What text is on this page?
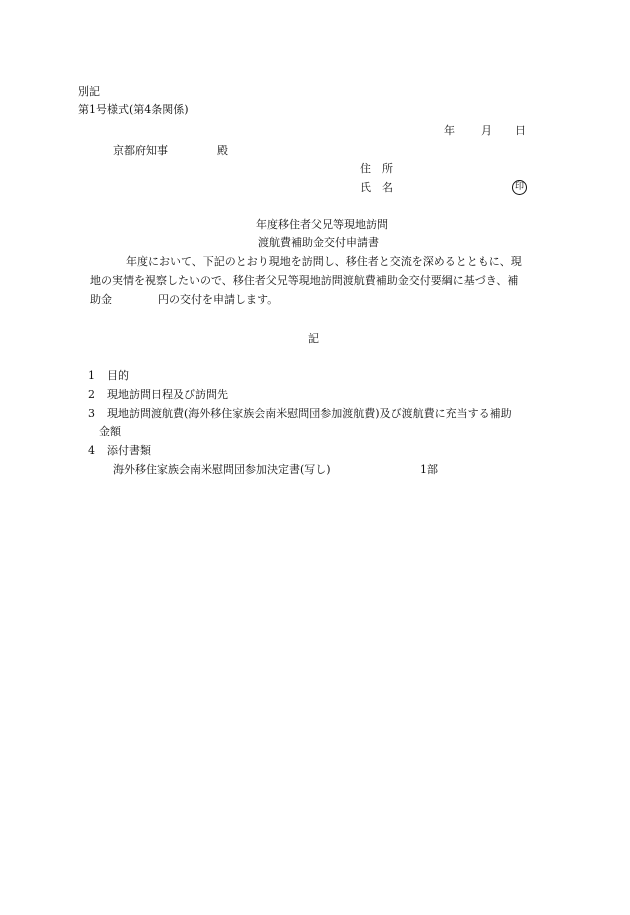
別記
第1号様式(第4条関係)
年 月 日
京都府知事	殿
住　所
氏　名	印
年度移住者父兄等現地訪問
渡航費補助金交付申請書
年度において、下記のとおり現地を訪問し、移住者と交流を深めるとともに、現
地の実情を視察したいので、移住者父兄等現地訪問渡航費補助金交付要綱に基づき、補
助金	円の交付を申請します。
記
1 目的
2 現地訪問日程及び訪問先
3 現地訪問渡航費(海外移住家族会南米慰問団参加渡航費)及び渡航費に充当する補助
金額
4 添付書類
海外移住家族会南米慰問団参加決定書(写し)	1部
